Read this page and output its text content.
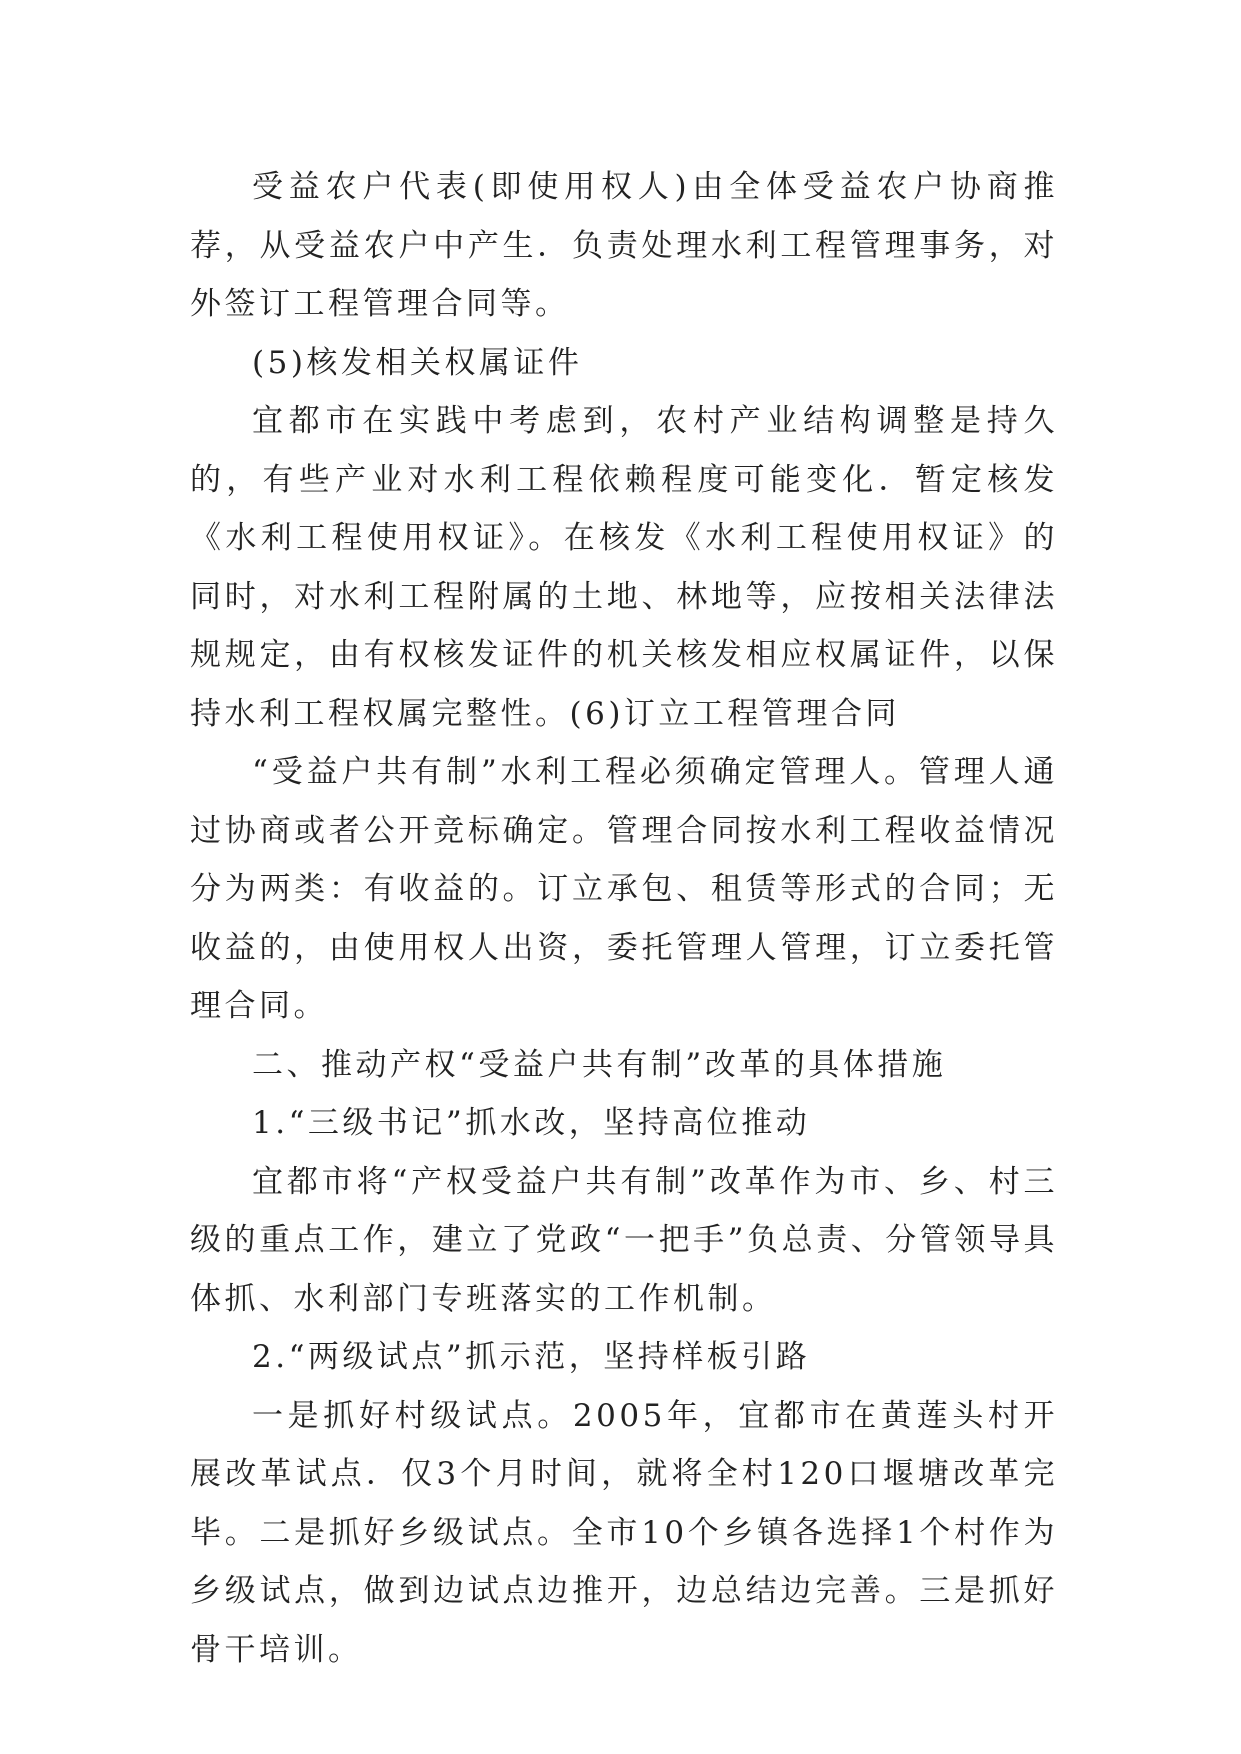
受益农户代表(即使用权人)由全体受益农户协商推荐，从受益农户中产生．负责处理水利工程管理事务，对外签订工程管理合同等。

(5)核发相关权属证件

宜都市在实践中考虑到，农村产业结构调整是持久的，有些产业对水利工程依赖程度可能变化．暂定核发《水利工程使用权证》。在核发《水利工程使用权证》的同时，对水利工程附属的土地、林地等，应按相关法律法规规定，由有权核发证件的机关核发相应权属证件，以保持水利工程权属完整性。(6)订立工程管理合同

“受益户共有制”水利工程必须确定管理人。管理人通过协商或者公开竞标确定。管理合同按水利工程收益情况分为两类：有收益的。订立承包、租赁等形式的合同；无收益的，由使用权人出资，委托管理人管理，订立委托管理合同。

二、推动产权“受益户共有制”改革的具体措施

1.“三级书记”抓水改，坚持高位推动

宜都市将“产权受益户共有制”改革作为市、乡、村三级的重点工作，建立了党政“一把手”负总责、分管领导具体抓、水利部门专班落实的工作机制。

2.“两级试点”抓示范，坚持样板引路

一是抓好村级试点。2005年，宜都市在黄莲头村开展改革试点．仅3个月时间，就将全村120口堰塘改革完毕。二是抓好乡级试点。全市10个乡镇各选择1个村作为乡级试点，做到边试点边推开，边总结边完善。三是抓好骨干培训。
